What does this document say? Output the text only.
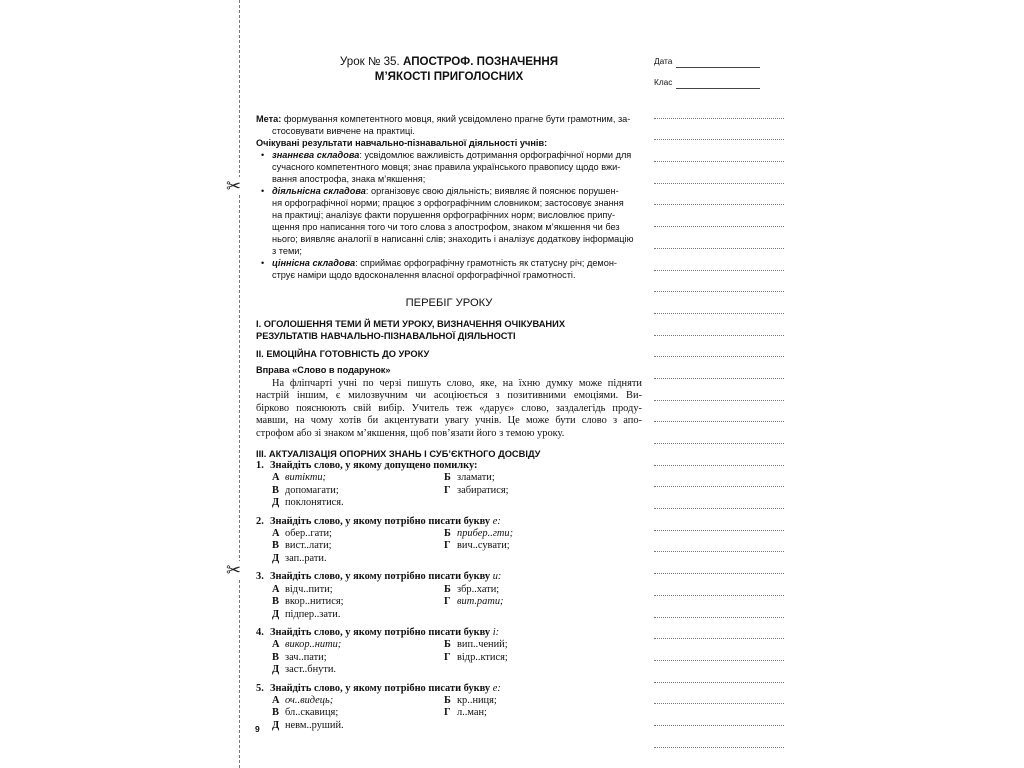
✂
✂
Урок № 35. АПОСТРОФ. ПОЗНАЧЕННЯ
М’ЯКОСТІ ПРИГОЛОСНИХ
Мета: формування компетентного мовця, який усвідомлено прагне бути грамотним, за-
стосовувати вивчене на практиці.
Очікувані результати навчально-пізнавальної діяльності учнів:
• знаннєва складова: усвідомлює важливість дотримання орфографічної норми для
сучасного компетентного мовця; знає правила українського правопису щодо вжи-
вання апострофа, знака м’якшення;
• діяльнісна складова: організовує свою діяльність; виявляє й пояснює порушен-
ня орфографічної норми; працює з орфографічним словником; застосовує знання
на практиці; аналізує факти порушення орфографічних норм; висловлює припу-
щення про написання того чи того слова з апострофом, знаком м’якшення чи без
нього; виявляє аналогії в написанні слів; знаходить і аналізує додаткову інформацію
з теми;
• ціннісна складова: сприймає орфографічну грамотність як статусну річ; демон-
струє наміри щодо вдосконалення власної орфографічної грамотності.
ПЕРЕБІГ УРОКУ
I. ОГОЛОШЕННЯ ТЕМИ Й МЕТИ УРОКУ, ВИЗНАЧЕННЯ ОЧІКУВАНИХ
РЕЗУЛЬТАТІВ НАВЧАЛЬНО-ПІЗНАВАЛЬНОЇ ДІЯЛЬНОСТІ
II. ЕМОЦІЙНА ГОТОВНІСТЬ ДО УРОКУ
Вправа «Слово в подарунок»
На фліпчарті учні по черзі пишуть слово, яке, на їхню думку може підняти
настрій іншим, є милозвучним чи асоціюється з позитивними емоціями. Ви-
бірково пояснюють свій вибір. Учитель теж «дарує» слово, заздалегідь проду-
мавши, на чому хотів би акцентувати увагу учнів. Це може бути слово з апо-
строфом або зі знаком м’якшення, щоб пов’язати його з темою уроку.
III. АКТУАЛІЗАЦІЯ ОПОРНИХ ЗНАНЬ І СУБ’ЄКТНОГО ДОСВІДУ
1. Знайдіть слово, у якому допущено помилку:
А витікти;	Б зламати;
В допомагати;	Г забиратися;
Д поклонятися.
2. Знайдіть слово, у якому потрібно писати букву е:
А обер..гати;	Б прибер..гти;
В вист..лати;	Г вич..сувати;
Д зап..рати.
3. Знайдіть слово, у якому потрібно писати букву и:
А відч..пити;	Б збр..хати;
В вкор..нитися;	Г вит.рати;
Д підпер..зати.
4. Знайдіть слово, у якому потрібно писати букву і:
А викор..нити;	Б вип..чений;
В зач..пати;	Г відр..ктися;
Д заст..бнути.
5. Знайдіть слово, у якому потрібно писати букву е:
А оч..видець;	Б кр..ниця;
В бл..скавиця;	Г л..ман;
Д невм..руший.
9
Дата
Клас
